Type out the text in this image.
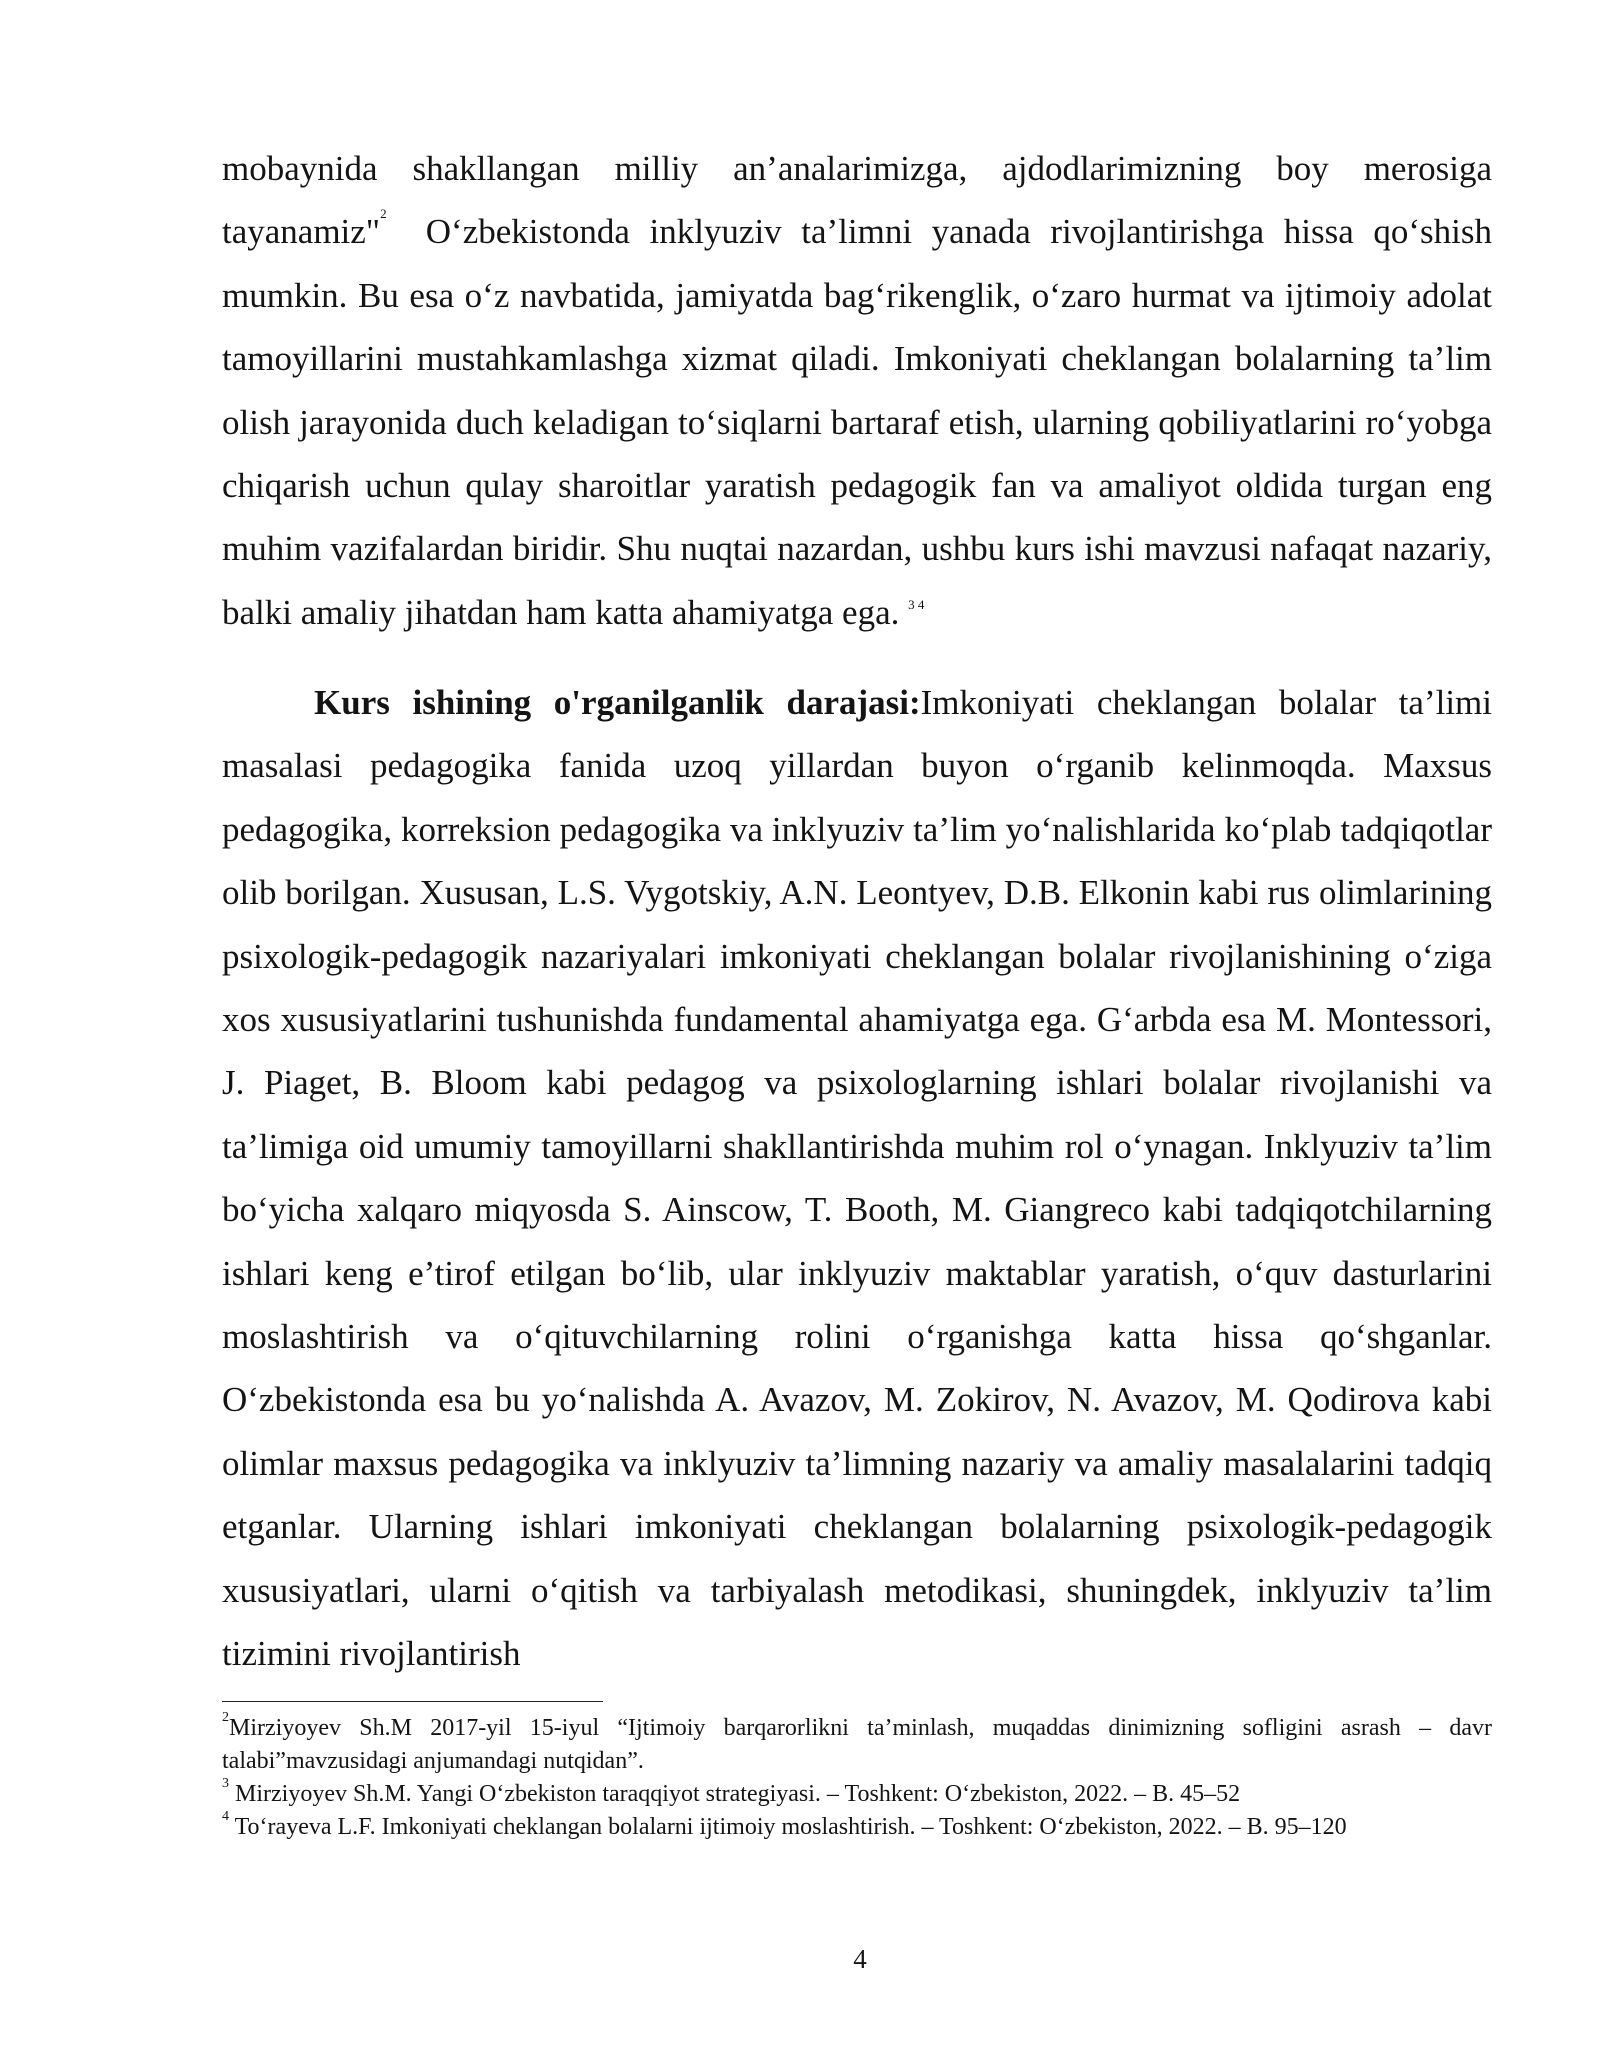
mobaynida shakllangan milliy an’analarimizga, ajdodlarimizning boy merosiga tayanamiz"$^2$  O‘zbekistonda inklyuziv ta’limni yanada rivojlantirishga hissa qo‘shish mumkin. Bu esa o‘z navbatida, jamiyatda bag‘rikenglik, o‘zaro hurmat va ijtimoiy adolat tamoyillarini mustahkamlashga xizmat qiladi. Imkoniyati cheklangan bolalarning ta’lim olish jarayonida duch keladigan to‘siqlarni bartaraf etish, ularning qobiliyatlarini ro‘yobga chiqarish uchun qulay sharoitlar yaratish pedagogik fan va amaliyot oldida turgan eng muhim vazifalardan biridir. Shu nuqtai nazardan, ushbu kurs ishi mavzusi nafaqat nazariy, balki amaliy jihatdan ham katta ahamiyatga ega. $^{3 4}$

Kurs ishining o'rganilganlik darajasi:Imkoniyati cheklangan bolalar ta’limi masalasi pedagogika fanida uzoq yillardan buyon o‘rganib kelinmoqda. Maxsus pedagogika, korreksion pedagogika va inklyuziv ta’lim yo‘nalishlarida ko‘plab tadqiqotlar olib borilgan. Xususan, L.S. Vygotskiy, A.N. Leontyev, D.B. Elkonin kabi rus olimlarining psixologik-pedagogik nazariyalari imkoniyati cheklangan bolalar rivojlanishining o‘ziga xos xususiyatlarini tushunishda fundamental ahamiyatga ega. G‘arbda esa M. Montessori, J. Piaget, B. Bloom kabi pedagog va psixologlarning ishlari bolalar rivojlanishi va ta’limiga oid umumiy tamoyillarni shakllantirishda muhim rol o‘ynagan. Inklyuziv ta’lim bo‘yicha xalqaro miqyosda S. Ainscow, T. Booth, M. Giangreco kabi tadqiqotchilarning ishlari keng e’tirof etilgan bo‘lib, ular inklyuziv maktablar yaratish, o‘quv dasturlarini moslashtirish va o‘qituvchilarning rolini o‘rganishga katta hissa qo‘shganlar. O‘zbekistonda esa bu yo‘nalishda A. Avazov, M. Zokirov, N. Avazov, M. Qodirova kabi olimlar maxsus pedagogika va inklyuziv ta’limning nazariy va amaliy masalalarini tadqiq etganlar. Ularning ishlari imkoniyati cheklangan bolalarning psixologik-pedagogik xususiyatlari, ularni o‘qitish va tarbiyalash metodikasi, shuningdek, inklyuziv ta’lim tizimini rivojlantirish

$^2$Mirziyoyev Sh.M 2017-yil 15-iyul “Ijtimoiy barqarorlikni ta’minlash, muqaddas dinimizning sofligini asrash – davr talabi”mavzusidagi anjumandagi nutqidan”.

$^3$ Mirziyoyev Sh.M. Yangi O‘zbekiston taraqqiyot strategiyasi. – Toshkent: O‘zbekiston, 2022. – B. 45–52

$^4$ To‘rayeva L.F. Imkoniyati cheklangan bolalarni ijtimoiy moslashtirish. – Toshkent: O‘zbekiston, 2022. – B. 95–120

4
